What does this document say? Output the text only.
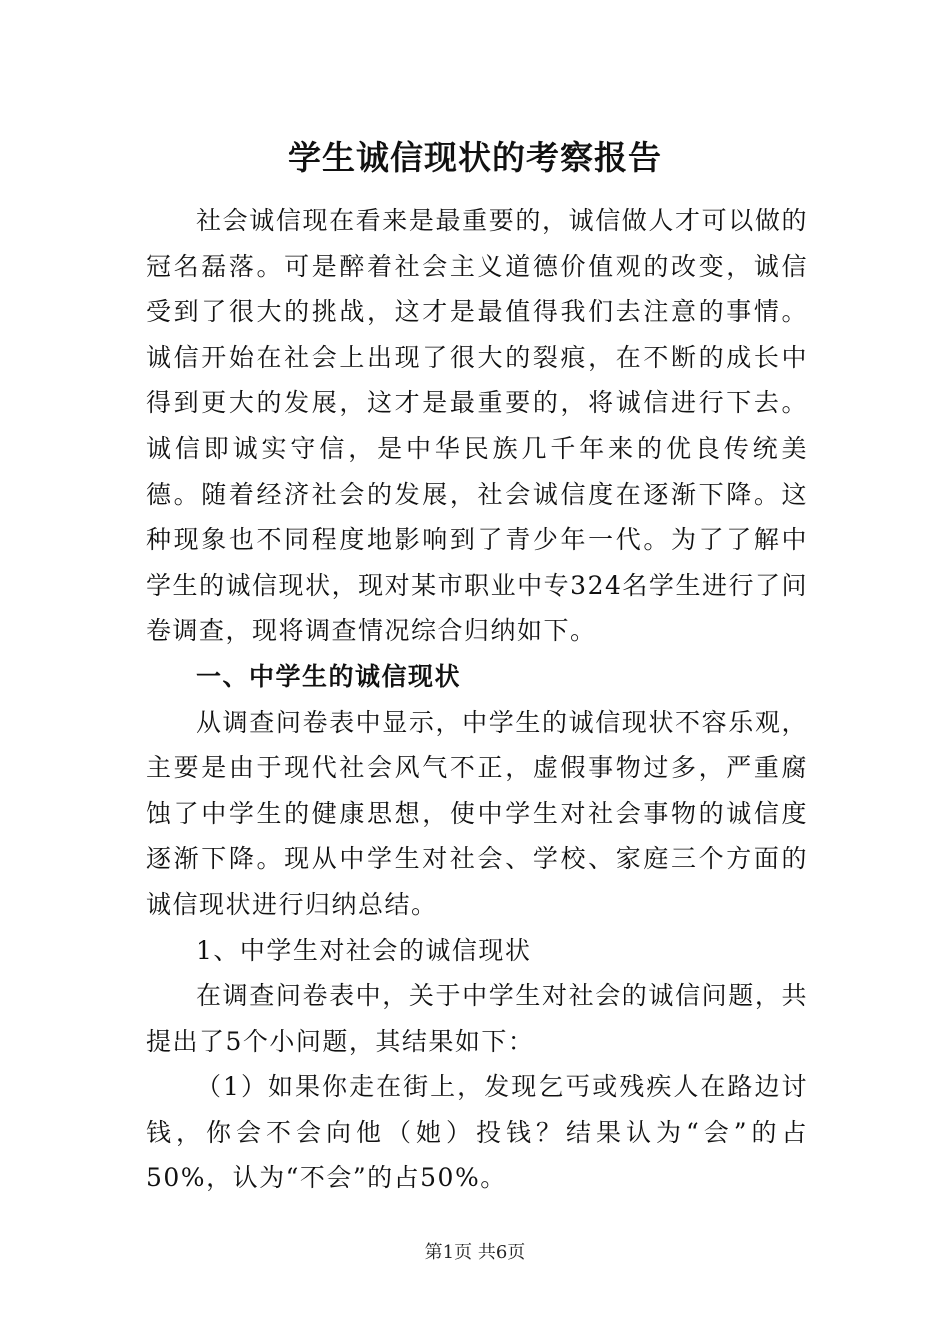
学生诚信现状的考察报告

社会诚信现在看来是最重要的，诚信做人才可以做的冠名磊落。可是醉着社会主义道德价值观的改变，诚信受到了很大的挑战，这才是最值得我们去注意的事情。诚信开始在社会上出现了很大的裂痕，在不断的成长中得到更大的发展，这才是最重要的，将诚信进行下去。诚信即诚实守信，是中华民族几千年来的优良传统美德。随着经济社会的发展，社会诚信度在逐渐下降。这种现象也不同程度地影响到了青少年一代。为了了解中学生的诚信现状，现对某市职业中专324名学生进行了问卷调查，现将调查情况综合归纳如下。

一、中学生的诚信现状

从调查问卷表中显示，中学生的诚信现状不容乐观，主要是由于现代社会风气不正，虚假事物过多，严重腐蚀了中学生的健康思想，使中学生对社会事物的诚信度逐渐下降。现从中学生对社会、学校、家庭三个方面的诚信现状进行归纳总结。

1、中学生对社会的诚信现状

在调查问卷表中，关于中学生对社会的诚信问题，共提出了5个小问题，其结果如下：

（1）如果你走在街上，发现乞丐或残疾人在路边讨钱，你会不会向他（她）投钱？结果认为“会”的占50%，认为“不会”的占50%。

第1页 共6页
